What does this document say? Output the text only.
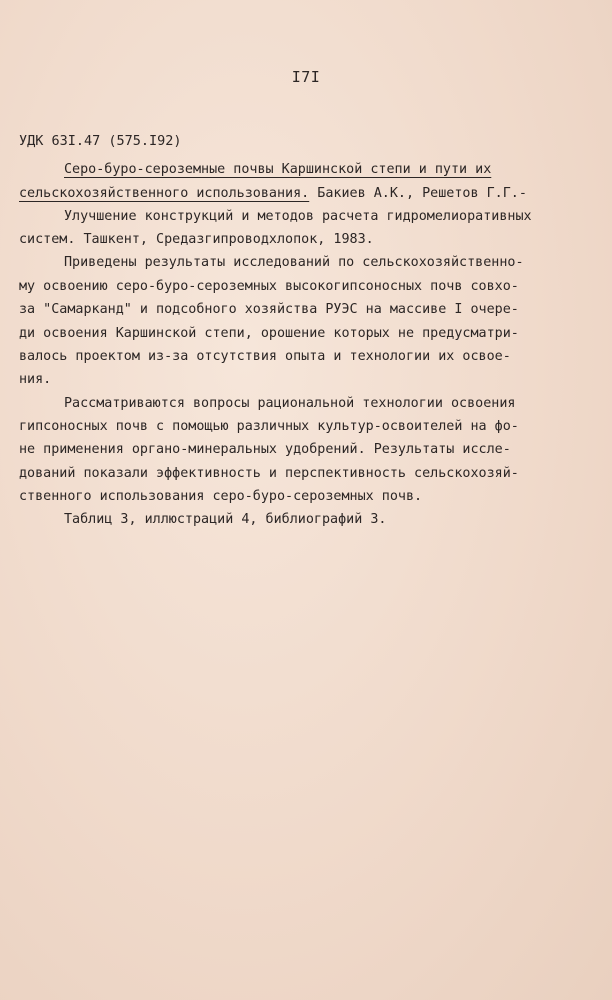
I7I
УДК 63I.47 (575.I92)
Серо-буро-сероземные почвы Каршинской степи и пути их
сельскохозяйственного использования. Бакиев А.К., Решетов Г.Г.-
Улучшение конструкций и методов расчета гидромелиоративных
систем. Ташкент, Средазгипроводхлопок, 1983.
Приведены результаты исследований по сельскохозяйственно-
му освоению серо-буро-сероземных высокогипсоносных почв совхо-
за "Самарканд" и подсобного хозяйства РУЭС на массиве I очере-
ди освоения Каршинской степи, орошение которых не предусматри-
валось проектом из-за отсутствия опыта и технологии их освое-
ния.
Рассматриваются вопросы рациональной технологии освоения
гипсоносных почв с помощью различных культур-освоителей на фо-
не применения органо-минеральных удобрений. Результаты иссле-
дований показали эффективность и перспективность сельскохозяй-
ственного использования серо-буро-сероземных почв.
Таблиц 3, иллюстраций 4, библиографий 3.
